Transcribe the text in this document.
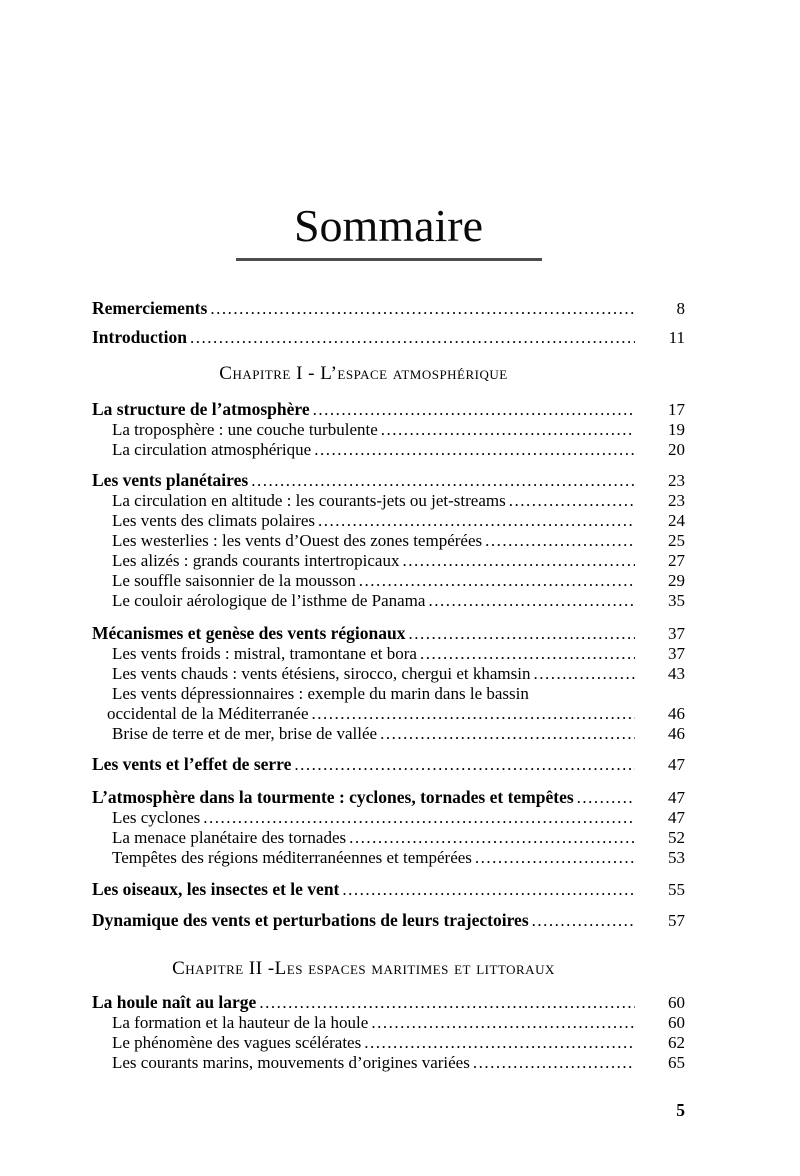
Sommaire
Remerciements .....	8
Introduction .....	11
Chapitre I - L’espace atmosphérique
La structure de l’atmosphère .....	17
La troposphère : une couche turbulente .....	19
La circulation atmosphérique .....	20
Les vents planétaires .....	23
La circulation en altitude : les courants-jets ou jet-streams .....	23
Les vents des climats polaires .....	24
Les westerlies : les vents d’Ouest des zones tempérées .....	25
Les alizés : grands courants intertropicaux .....	27
Le souffle saisonnier de la mousson .....	29
Le couloir aérologique de l’isthme de Panama .....	35
Mécanismes et genèse des vents régionaux .....	37
Les vents froids : mistral, tramontane et bora .....	37
Les vents chauds : vents étésiens, sirocco, chergui et khamsin .....	43
Les vents dépressionnaires : exemple du marin dans le bassin
occidental de la Méditerranée .....	46
Brise de terre et de mer, brise de vallée .....	46
Les vents et l’effet de serre .....	47
L’atmosphère dans la tourmente : cyclones, tornades et tempêtes .....	47
Les cyclones .....	47
La menace planétaire des tornades .....	52
Tempêtes des régions méditerranéennes et tempérées .....	53
Les oiseaux, les insectes et le vent .....	55
Dynamique des vents et perturbations de leurs trajectoires .....	57
Chapitre II -Les espaces maritimes et littoraux
La houle naît au large .....	60
La formation et la hauteur de la houle .....	60
Le phénomène des vagues scélérates .....	62
Les courants marins, mouvements d’origines variées .....	65
5
